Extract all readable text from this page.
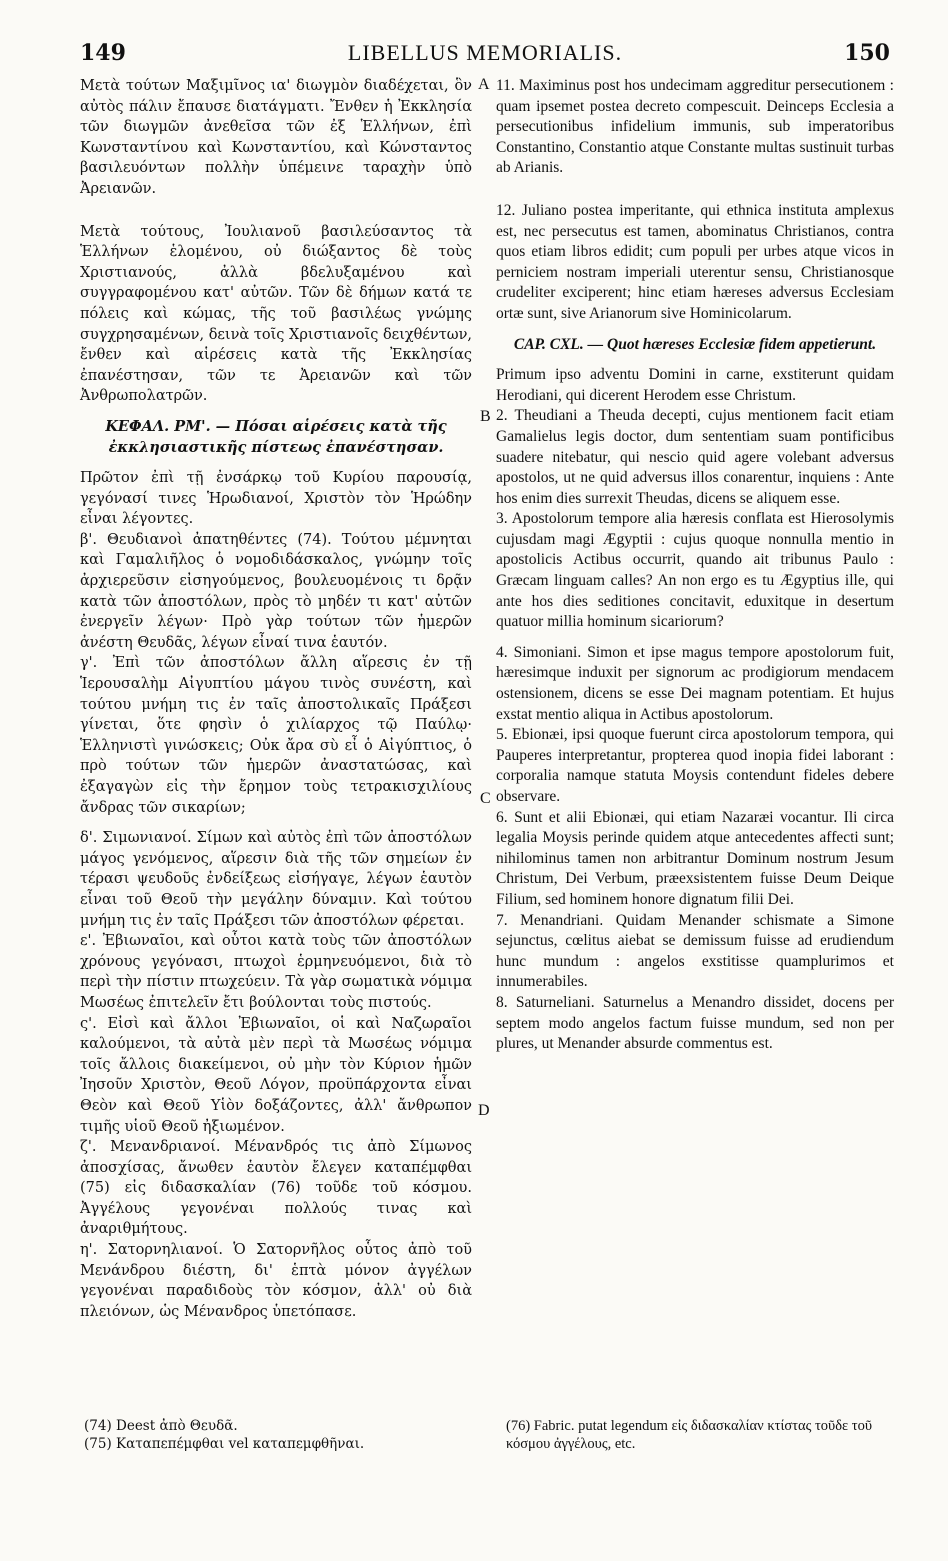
149	LIBELLUS MEMORIALIS.	150
A
B
C
D

Μετὰ τούτων Μαξιμῖνος ια' διωγμὸν διαδέχεται, ὃν αὐτὸς πάλιν ἔπαυσε διατάγματι. Ἔνθεν ἡ Ἐκκλησία τῶν διωγμῶν ἀνεθεῖσα τῶν ἐξ Ἑλλήνων, ἐπὶ Κωνσταντίνου καὶ Κωνσταντίου, καὶ Κώνσταντος βασιλευόντων πολλὴν ὑπέμεινε ταραχὴν ὑπὸ Ἀρειανῶν.

Μετὰ τούτους, Ἰουλιανοῦ βασιλεύσαντος τὰ Ἑλλήνων ἑλομένου, οὐ διώξαντος δὲ τοὺς Χριστιανούς, ἀλλὰ βδελυξαμένου καὶ συγγραφομένου κατ' αὐτῶν. Τῶν δὲ δήμων κατά τε πόλεις καὶ κώμας, τῆς τοῦ βασιλέως γνώμης συγχρησαμένων, δεινὰ τοῖς Χριστιανοῖς δειχθέντων, ἔνθεν καὶ αἱρέσεις κατὰ τῆς Ἐκκλησίας ἐπανέστησαν, τῶν τε Ἀρειανῶν καὶ τῶν Ἀνθρωπολατρῶν.

ΚΕΦΑΛ. ΡΜ'. — Πόσαι αἱρέσεις κατὰ τῆς ἐκκλησιαστικῆς πίστεως ἐπανέστησαν.

Πρῶτον ἐπὶ τῇ ἐνσάρκῳ τοῦ Κυρίου παρουσίᾳ, γεγόνασί τινες Ἡρωδιανοί, Χριστὸν τὸν Ἡρώδην εἶναι λέγοντες.

β'. Θευδιανοὶ ἀπατηθέντες (74). Τούτου μέμνηται καὶ Γαμαλιῆλος ὁ νομοδιδάσκαλος, γνώμην τοῖς ἀρχιερεῦσιν εἰσηγούμενος, βουλευομένοις τι δρᾷν κατὰ τῶν ἀποστόλων, πρὸς τὸ μηδέν τι κατ' αὐτῶν ἐνεργεῖν λέγων· Πρὸ γὰρ τούτων τῶν ἡμερῶν ἀνέστη Θευδᾶς, λέγων εἶναί τινα ἑαυτόν.

γ'. Ἐπὶ τῶν ἀποστόλων ἄλλη αἵρεσις ἐν τῇ Ἱερουσαλὴμ Αἰγυπτίου μάγου τινὸς συνέστη, καὶ τούτου μνήμη τις ἐν ταῖς ἀποστολικαῖς Πράξεσι γίνεται, ὅτε φησὶν ὁ χιλίαρχος τῷ Παύλῳ· Ἑλληνιστὶ γινώσκεις; Οὐκ ἄρα σὺ εἶ ὁ Αἰγύπτιος, ὁ πρὸ τούτων τῶν ἡμερῶν ἀναστατώσας, καὶ ἐξαγαγὼν εἰς τὴν ἔρημον τοὺς τετρακισχιλίους ἄνδρας τῶν σικαρίων;

δ'. Σιμωνιανοί. Σίμων καὶ αὐτὸς ἐπὶ τῶν ἀποστόλων μάγος γενόμενος, αἵρεσιν διὰ τῆς τῶν σημείων ἐν τέρασι ψευδοῦς ἐνδείξεως εἰσήγαγε, λέγων ἑαυτὸν εἶναι τοῦ Θεοῦ τὴν μεγάλην δύναμιν. Καὶ τούτου μνήμη τις ἐν ταῖς Πράξεσι τῶν ἀποστόλων φέρεται.

ε'. Ἐβιωναῖοι, καὶ οὗτοι κατὰ τοὺς τῶν ἀποστόλων χρόνους γεγόνασι, πτωχοὶ ἑρμηνευόμενοι, διὰ τὸ περὶ τὴν πίστιν πτωχεύειν. Τὰ γὰρ σωματικὰ νόμιμα Μωσέως ἐπιτελεῖν ἔτι βούλονται τοὺς πιστούς.

ς'. Εἰσὶ καὶ ἄλλοι Ἐβιωναῖοι, οἱ καὶ Ναζωραῖοι καλούμενοι, τὰ αὐτὰ μὲν περὶ τὰ Μωσέως νόμιμα τοῖς ἄλλοις διακείμενοι, οὐ μὴν τὸν Κύριον ἡμῶν Ἰησοῦν Χριστὸν, Θεοῦ Λόγον, προϋπάρχοντα εἶναι Θεὸν καὶ Θεοῦ Υἱὸν δοξάζοντες, ἀλλ' ἄνθρωπον τιμῆς υἱοῦ Θεοῦ ἠξιωμένον.

ζ'. Μενανδριανοί. Μένανδρός τις ἀπὸ Σίμωνος ἀποσχίσας, ἄνωθεν ἑαυτὸν ἔλεγεν καταπέμφθαι (75) εἰς διδασκαλίαν (76) τοῦδε τοῦ κόσμου. Ἀγγέλους γεγονέναι πολλούς τινας καὶ ἀναριθμήτους.

η'. Σατορνηλιανοί. Ὁ Σατορνῆλος οὗτος ἀπὸ τοῦ Μενάνδρου διέστη, δι' ἑπτὰ μόνον ἀγγέλων γεγονέναι παραδιδοὺς τὸν κόσμον, ἀλλ' οὐ διὰ πλειόνων, ὡς Μένανδρος ὑπετόπασε.

11. Maximinus post hos undecimam aggreditur persecutionem : quam ipsemet postea decreto compescuit. Deinceps Ecclesia a persecutionibus infidelium immunis, sub imperatoribus Constantino, Constantio atque Constante multas sustinuit turbas ab Arianis.

12. Juliano postea imperitante, qui ethnica instituta amplexus est, nec persecutus est tamen, abominatus Christianos, contra quos etiam libros edidit; cum populi per urbes atque vicos in perniciem nostram imperiali uterentur sensu, Christianosque crudeliter exciperent; hinc etiam hæreses adversus Ecclesiam ortæ sunt, sive Arianorum sive Hominicolarum.

CAP. CXL. — Quot hæreses Ecclesiæ fidem appetierunt.

Primum ipso adventu Domini in carne, exstiterunt quidam Herodiani, qui dicerent Herodem esse Christum.

2. Theudiani a Theuda decepti, cujus mentionem facit etiam Gamalielus legis doctor, dum sententiam suam pontificibus suadere nitebatur, qui nescio quid agere volebant adversus apostolos, ut ne quid adversus illos conarentur, inquiens : Ante hos enim dies surrexit Theudas, dicens se aliquem esse.

3. Apostolorum tempore alia hæresis conflata est Hierosolymis cujusdam magi Ægyptii : cujus quoque nonnulla mentio in apostolicis Actibus occurrit, quando ait tribunus Paulo : Græcam linguam calles? An non ergo es tu Ægyptius ille, qui ante hos dies seditiones concitavit, eduxitque in desertum quatuor millia hominum sicariorum?

4. Simoniani. Simon et ipse magus tempore apostolorum fuit, hæresimque induxit per signorum ac prodigiorum mendacem ostensionem, dicens se esse Dei magnam potentiam. Et hujus exstat mentio aliqua in Actibus apostolorum.

5. Ebionæi, ipsi quoque fuerunt circa apostolorum tempora, qui Pauperes interpretantur, propterea quod inopia fidei laborant : corporalia namque statuta Moysis contendunt fideles debere observare.

6. Sunt et alii Ebionæi, qui etiam Nazaræi vocantur. Ili circa legalia Moysis perinde quidem atque antecedentes affecti sunt; nihilominus tamen non arbitrantur Dominum nostrum Jesum Christum, Dei Verbum, præexsistentem fuisse Deum Deique Filium, sed hominem honore dignatum filii Dei.

7. Menandriani. Quidam Menander schismate a Simone sejunctus, cœlitus aiebat se demissum fuisse ad erudiendum hunc mundum : angelos exstitisse quamplurimos et innumerabiles.

8. Saturneliani. Saturnelus a Menandro dissidet, docens per septem modo angelos factum fuisse mundum, sed non per plures, ut Menander absurde commentus est.

(74) Deest ἀπὸ Θευδᾶ.

(75) Καταπεπέμφθαι vel καταπεμφθῆναι.

(76) Fabric. putat legendum εἰς διδασκαλίαν κτίστας τοῦδε τοῦ κόσμου ἀγγέλους, etc.
